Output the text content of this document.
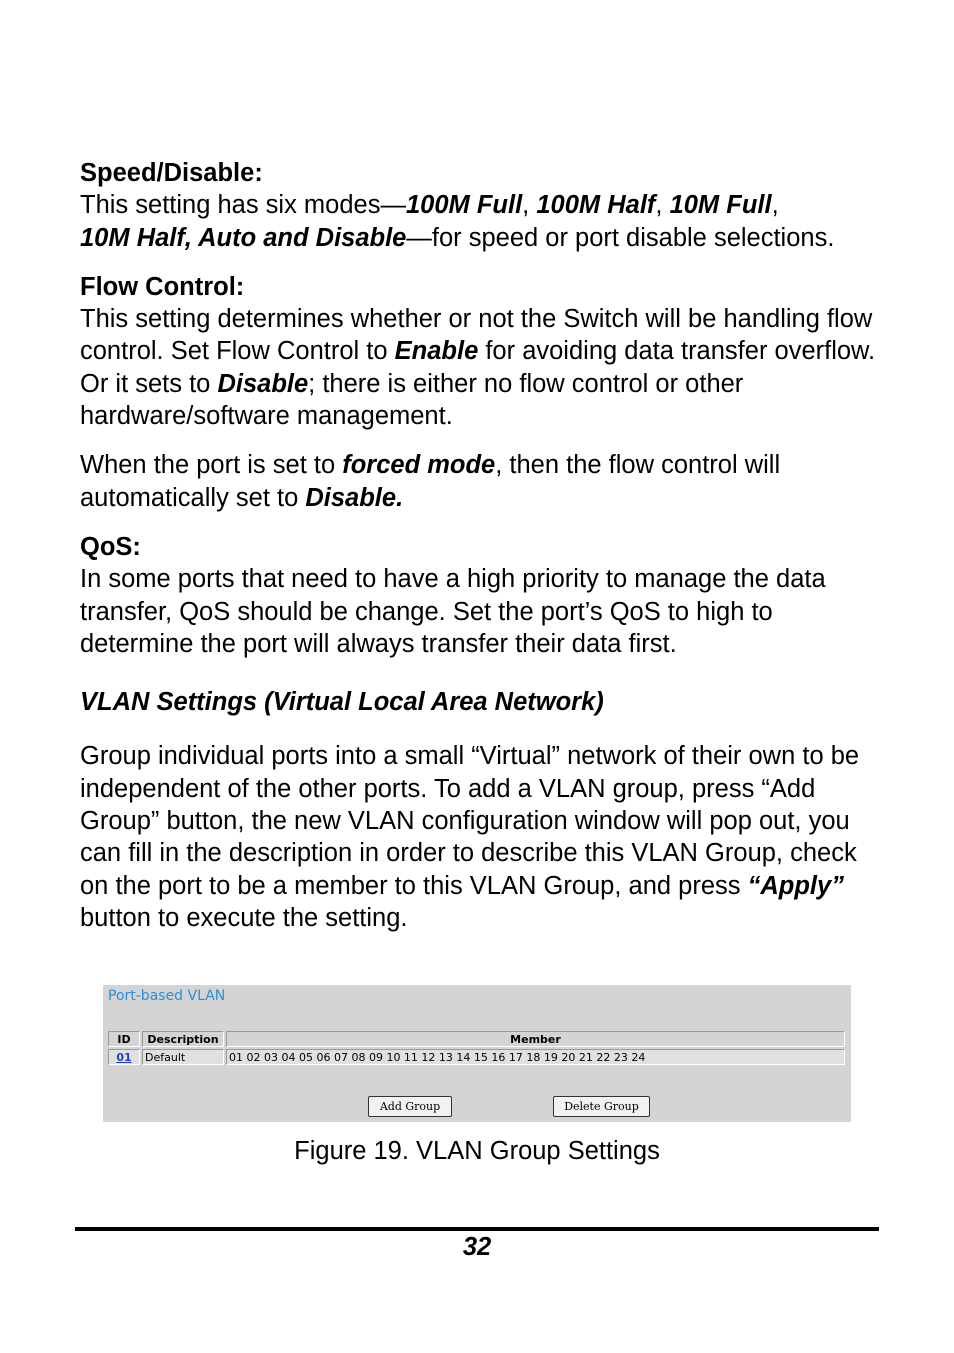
Speed/Disable:

This setting has six modes—100M Full, 100M Half, 10M Full,
10M Half, Auto and Disable—for speed or port disable selections.

Flow Control:

This setting determines whether or not the Switch will be handling flow control. Set Flow Control to Enable for avoiding data transfer overflow. Or it sets to Disable; there is either no flow control or other hardware/software management.

When the port is set to forced mode, then the flow control will automatically set to Disable.

QoS:

In some ports that need to have a high priority to manage the data transfer, QoS should be change. Set the port’s QoS to high to determine the port will always transfer their data first.

VLAN Settings (Virtual Local Area Network)

Group individual ports into a small “Virtual” network of their own to be independent of the other ports. To add a VLAN group, press “Add Group” button, the new VLAN configuration window will pop out, you can fill in the description in order to describe this VLAN Group, check on the port to be a member to this VLAN Group, and press “Apply” button to execute the setting.

Port-based VLAN
ID	Description	Member
01	Default	01 02 03 04 05 06 07 08 09 10 11 12 13 14 15 16 17 18 19 20 21 22 23 24
Add Group	Delete Group
Figure 19. VLAN Group Settings
32
